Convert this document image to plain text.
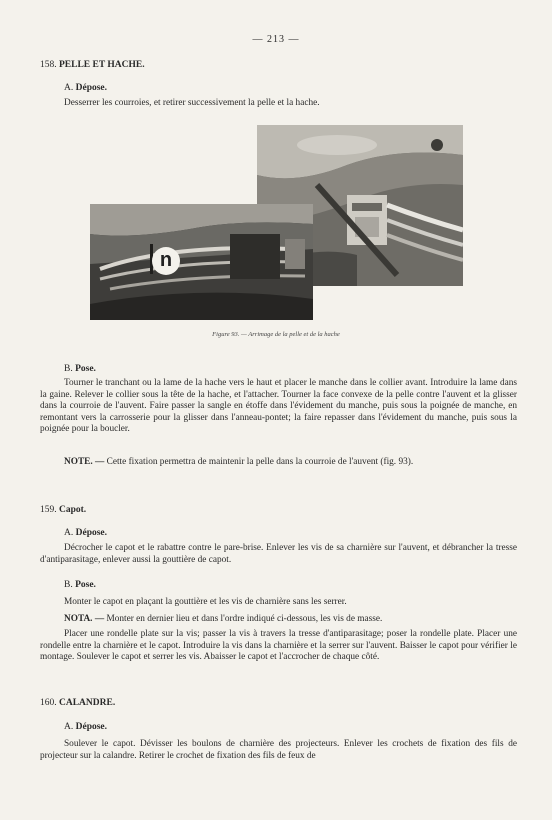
— 213 —
158. PELLE ET HACHE.
A. Dépose.

Desserrer les courroies, et retirer successivement la pelle et la hache.

n
Figure 93. — Arrimage de la pelle et de la hache
B. Pose.

Tourner le tranchant ou la lame de la hache vers le haut et placer le manche dans le collier avant. Introduire la lame dans la gaine. Relever le collier sous la tête de la hache, et l'attacher. Tourner la face convexe de la pelle contre l'auvent et la glisser dans la courroie de l'auvent. Faire passer la sangle en étoffe dans l'évidement du manche, puis sous la poignée de manche, en remontant vers la carrosserie pour la glisser dans l'anneau-pontet; la faire repasser dans l'évidement du manche, puis sous la poignée pour la boucler.

NOTE. — Cette fixation permettra de maintenir la pelle dans la courroie de l'auvent (fig. 93).

159. Capot.
A. Dépose.

Décrocher le capot et le rabattre contre le pare-brise. Enlever les vis de sa charnière sur l'auvent, et débrancher la tresse d'antiparasitage, enlever aussi la gouttière de capot.

B. Pose.

Monter le capot en plaçant la gouttière et les vis de charnière sans les serrer.

NOTA. — Monter en dernier lieu et dans l'ordre indiqué ci-dessous, les vis de masse.

Placer une rondelle plate sur la vis; passer la vis à travers la tresse d'antiparasitage; poser la rondelle plate. Placer une rondelle entre la charnière et le capot. Introduire la vis dans la charnière et la serrer sur l'auvent. Baisser le capot pour vérifier le montage. Soulever le capot et serrer les vis. Abaisser le capot et l'accrocher de chaque côté.

160. CALANDRE.
A. Dépose.

Soulever le capot. Dévisser les boulons de charnière des projecteurs. Enlever les crochets de fixation des fils de projecteur sur la calandre. Retirer le crochet de fixation des fils de feux de
